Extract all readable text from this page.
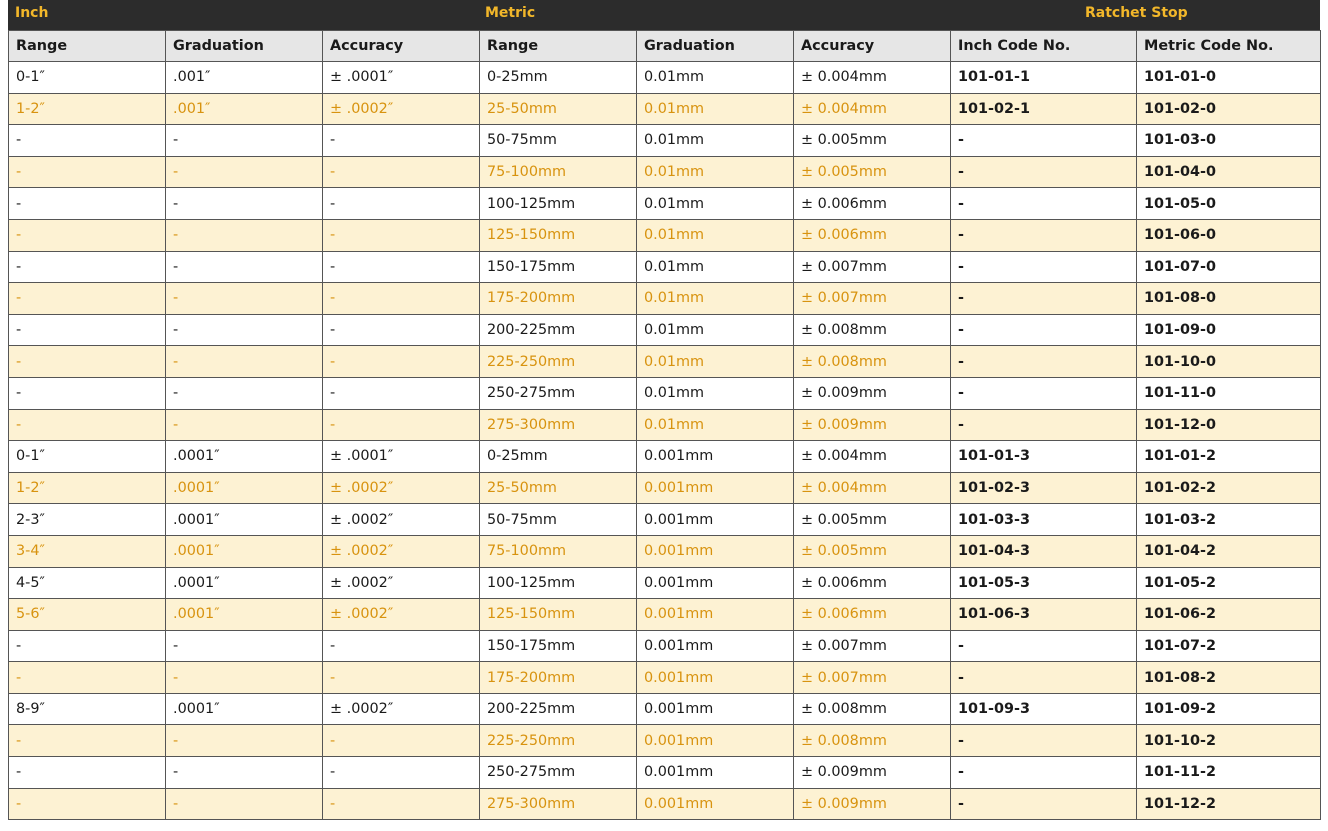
Inch	Metric	Ratchet Stop
Range	Graduation	Accuracy	Range	Graduation	Accuracy	Inch Code No.	Metric Code No.
0-1″	.001″	± .0001″	0-25mm	0.01mm	± 0.004mm	101-01-1	101-01-0
1-2″	.001″	± .0002″	25-50mm	0.01mm	± 0.004mm	101-02-1	101-02-0
-	-	-	50-75mm	0.01mm	± 0.005mm	-	101-03-0
-	-	-	75-100mm	0.01mm	± 0.005mm	-	101-04-0
-	-	-	100-125mm	0.01mm	± 0.006mm	-	101-05-0
-	-	-	125-150mm	0.01mm	± 0.006mm	-	101-06-0
-	-	-	150-175mm	0.01mm	± 0.007mm	-	101-07-0
-	-	-	175-200mm	0.01mm	± 0.007mm	-	101-08-0
-	-	-	200-225mm	0.01mm	± 0.008mm	-	101-09-0
-	-	-	225-250mm	0.01mm	± 0.008mm	-	101-10-0
-	-	-	250-275mm	0.01mm	± 0.009mm	-	101-11-0
-	-	-	275-300mm	0.01mm	± 0.009mm	-	101-12-0
0-1″	.0001″	± .0001″	0-25mm	0.001mm	± 0.004mm	101-01-3	101-01-2
1-2″	.0001″	± .0002″	25-50mm	0.001mm	± 0.004mm	101-02-3	101-02-2
2-3″	.0001″	± .0002″	50-75mm	0.001mm	± 0.005mm	101-03-3	101-03-2
3-4″	.0001″	± .0002″	75-100mm	0.001mm	± 0.005mm	101-04-3	101-04-2
4-5″	.0001″	± .0002″	100-125mm	0.001mm	± 0.006mm	101-05-3	101-05-2
5-6″	.0001″	± .0002″	125-150mm	0.001mm	± 0.006mm	101-06-3	101-06-2
-	-	-	150-175mm	0.001mm	± 0.007mm	-	101-07-2
-	-	-	175-200mm	0.001mm	± 0.007mm	-	101-08-2
8-9″	.0001″	± .0002″	200-225mm	0.001mm	± 0.008mm	101-09-3	101-09-2
-	-	-	225-250mm	0.001mm	± 0.008mm	-	101-10-2
-	-	-	250-275mm	0.001mm	± 0.009mm	-	101-11-2
-	-	-	275-300mm	0.001mm	± 0.009mm	-	101-12-2
